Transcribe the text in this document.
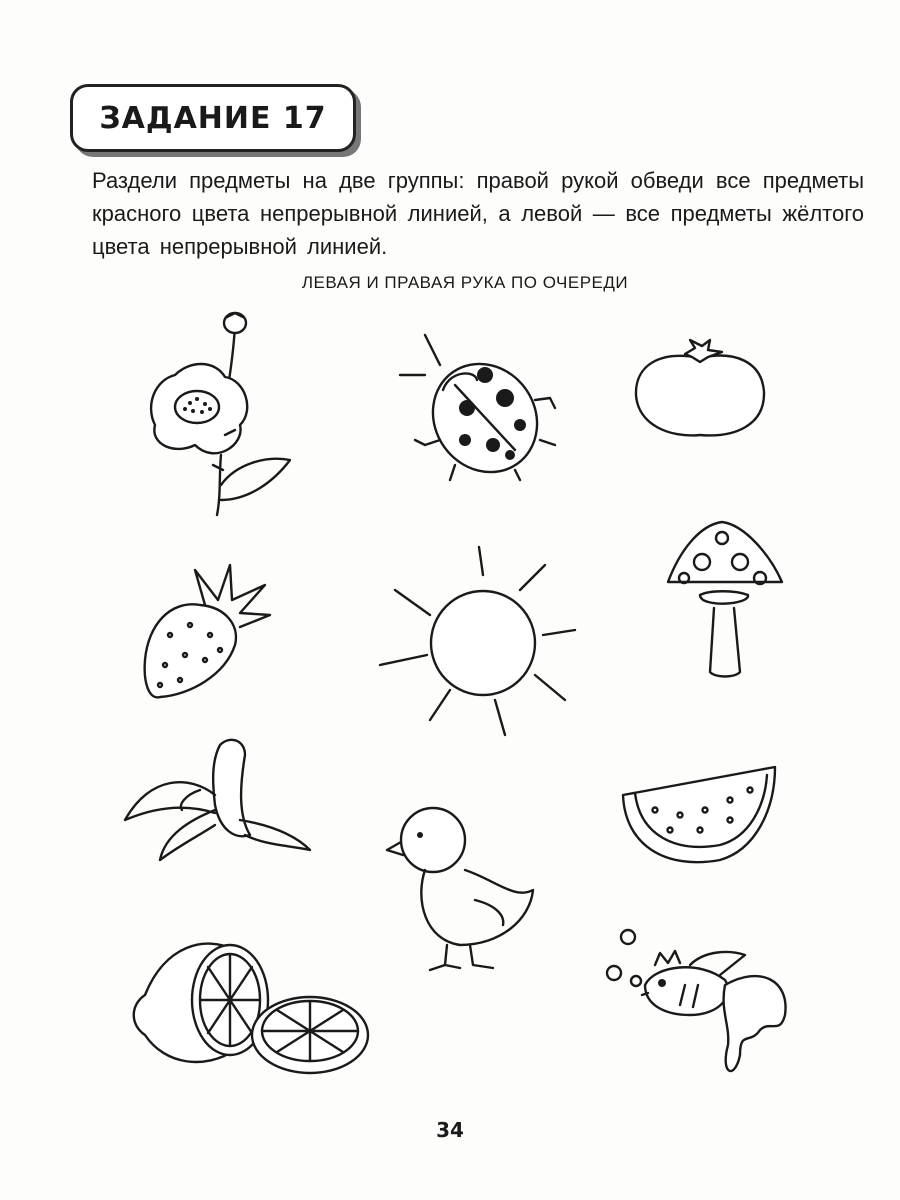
ЗАДАНИЕ 17
Раздели предметы на две группы: правой рукой обведи все предметы красного цвета непрерывной линией, а левой — все предметы жёлтого цвета непрерывной линией.
ЛЕВАЯ И ПРАВАЯ РУКА ПО ОЧЕРЕДИ
34
